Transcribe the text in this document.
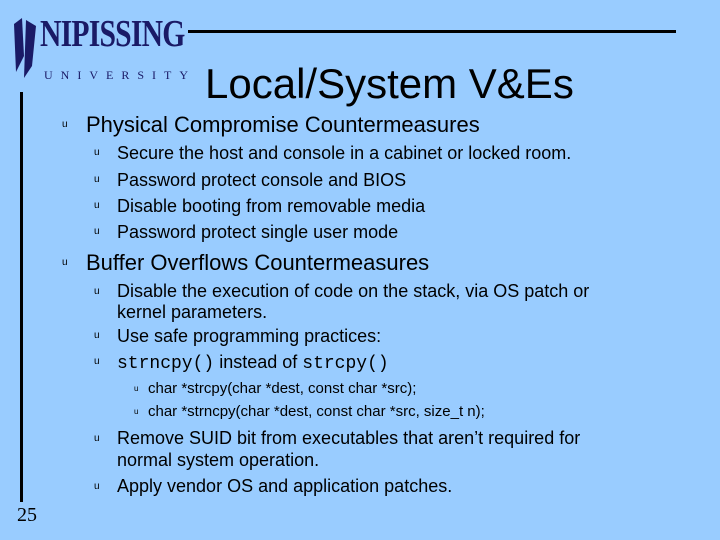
NIPISSING
UNIVERSITY Local/System V&Es
u Physical Compromise Countermeasures
u Secure the host and console in a cabinet or locked room.
u Password protect console and BIOS
u Disable booting from removable media
u Password protect single user mode
u Buffer Overflows Countermeasures
u Disable the execution of code on the stack, via OS patch or
kernel parameters.
u Use safe programming practices:
u strncpy() instead of strcpy()
u char *strcpy(char *dest, const char *src);
u char *strncpy(char *dest, const char *src, size_t n);
u Remove SUID bit from executables that aren’t required for
normal system operation.
u Apply vendor OS and application patches.
25
